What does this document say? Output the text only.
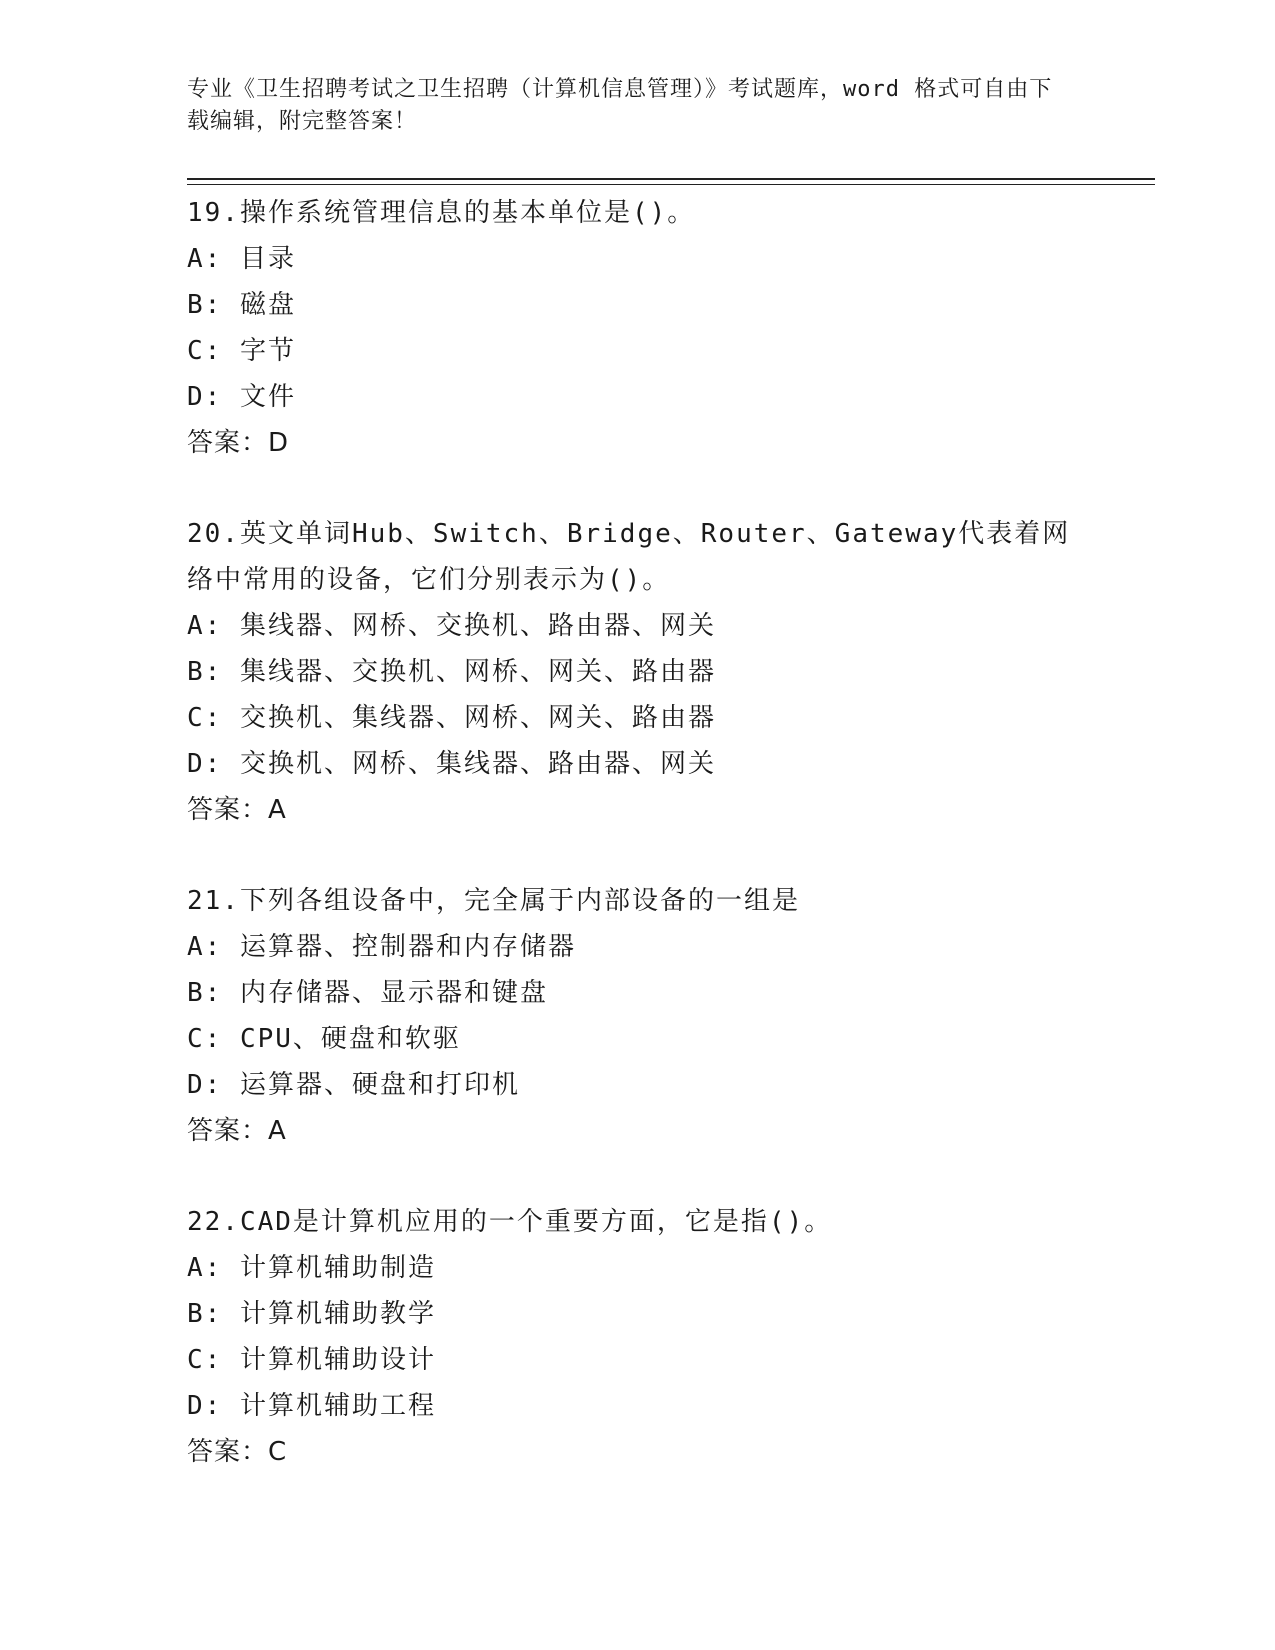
专业《卫生招聘考试之卫生招聘（计算机信息管理）》考试题库，word 格式可自由下载编辑，附完整答案！
19.操作系统管理信息的基本单位是()。
A: 目录
B: 磁盘
C: 字节
D: 文件
答案：D
20.英文单词Hub、Switch、Bridge、Router、Gateway代表着网络中常用的设备，它们分别表示为()。
A: 集线器、网桥、交换机、路由器、网关
B: 集线器、交换机、网桥、网关、路由器
C: 交换机、集线器、网桥、网关、路由器
D: 交换机、网桥、集线器、路由器、网关
答案：A
21.下列各组设备中，完全属于内部设备的一组是
A: 运算器、控制器和内存储器
B: 内存储器、显示器和键盘
C: CPU、硬盘和软驱
D: 运算器、硬盘和打印机
答案：A
22.CAD是计算机应用的一个重要方面，它是指()。
A: 计算机辅助制造
B: 计算机辅助教学
C: 计算机辅助设计
D: 计算机辅助工程
答案：C
